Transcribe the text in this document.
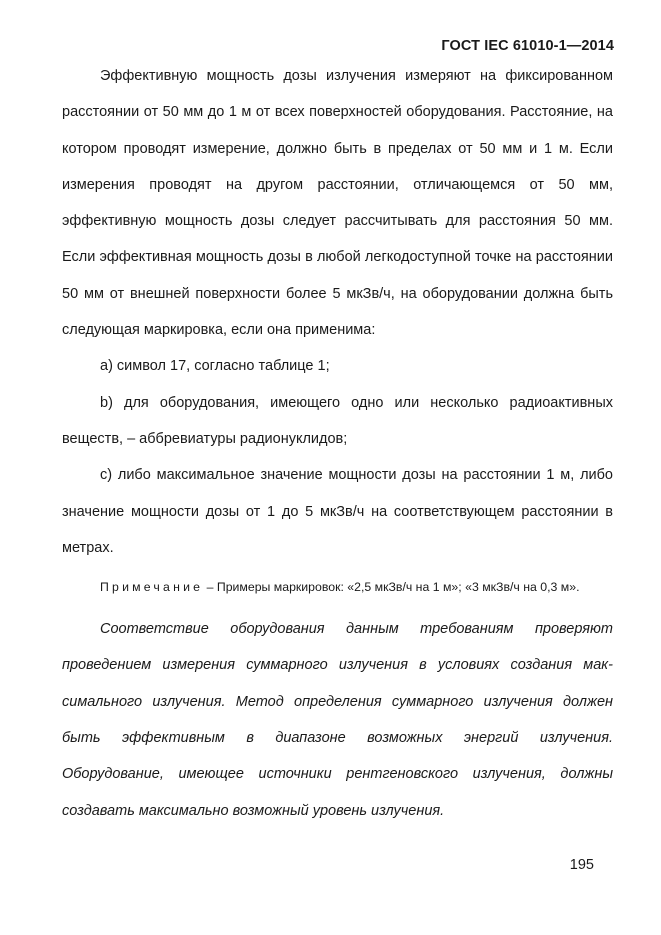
ГОСТ IEC 61010-1—2014

Эффективную мощность дозы излучения измеряют на фиксированном расстоянии от 50 мм до 1 м от всех поверхностей оборудования. Расстояние, на котором проводят измерение, должно быть в пределах от 50 мм и 1 м. Если измерения проводят на другом расстоянии, отличающемся от 50 мм, эффективную мощность дозы следует рассчитывать для расстояния 50 мм. Если эффективная мощность дозы в любой легкодоступной точке на расстоянии 50 мм от внешней поверхности более 5 мкЗв/ч, на оборудовании должна быть следующая маркировка, если она применима:

a) символ 17, согласно таблице 1;

b) для оборудования, имеющего одно или несколько радиоактивных веществ, – аббревиатуры радионуклидов;

c) либо максимальное значение мощности дозы на расстоянии 1 м, либо значение мощности дозы от 1 до 5 мкЗв/ч на соответствующем расстоянии в метрах.

Примечание – Примеры маркировок: «2,5 мкЗв/ч на 1 м»; «3 мкЗв/ч на 0,3 м».

Соответствие оборудования данным требованиям проверяют проведением измерения суммарного излучения в условиях создания максимального излучения. Метод определения суммарного излучения должен быть эффективным в диапазоне возможных энергий излучения. Оборудование, имеющее источники рентгеновского излучения, должны создавать максимально возможный уровень излучения.

195
